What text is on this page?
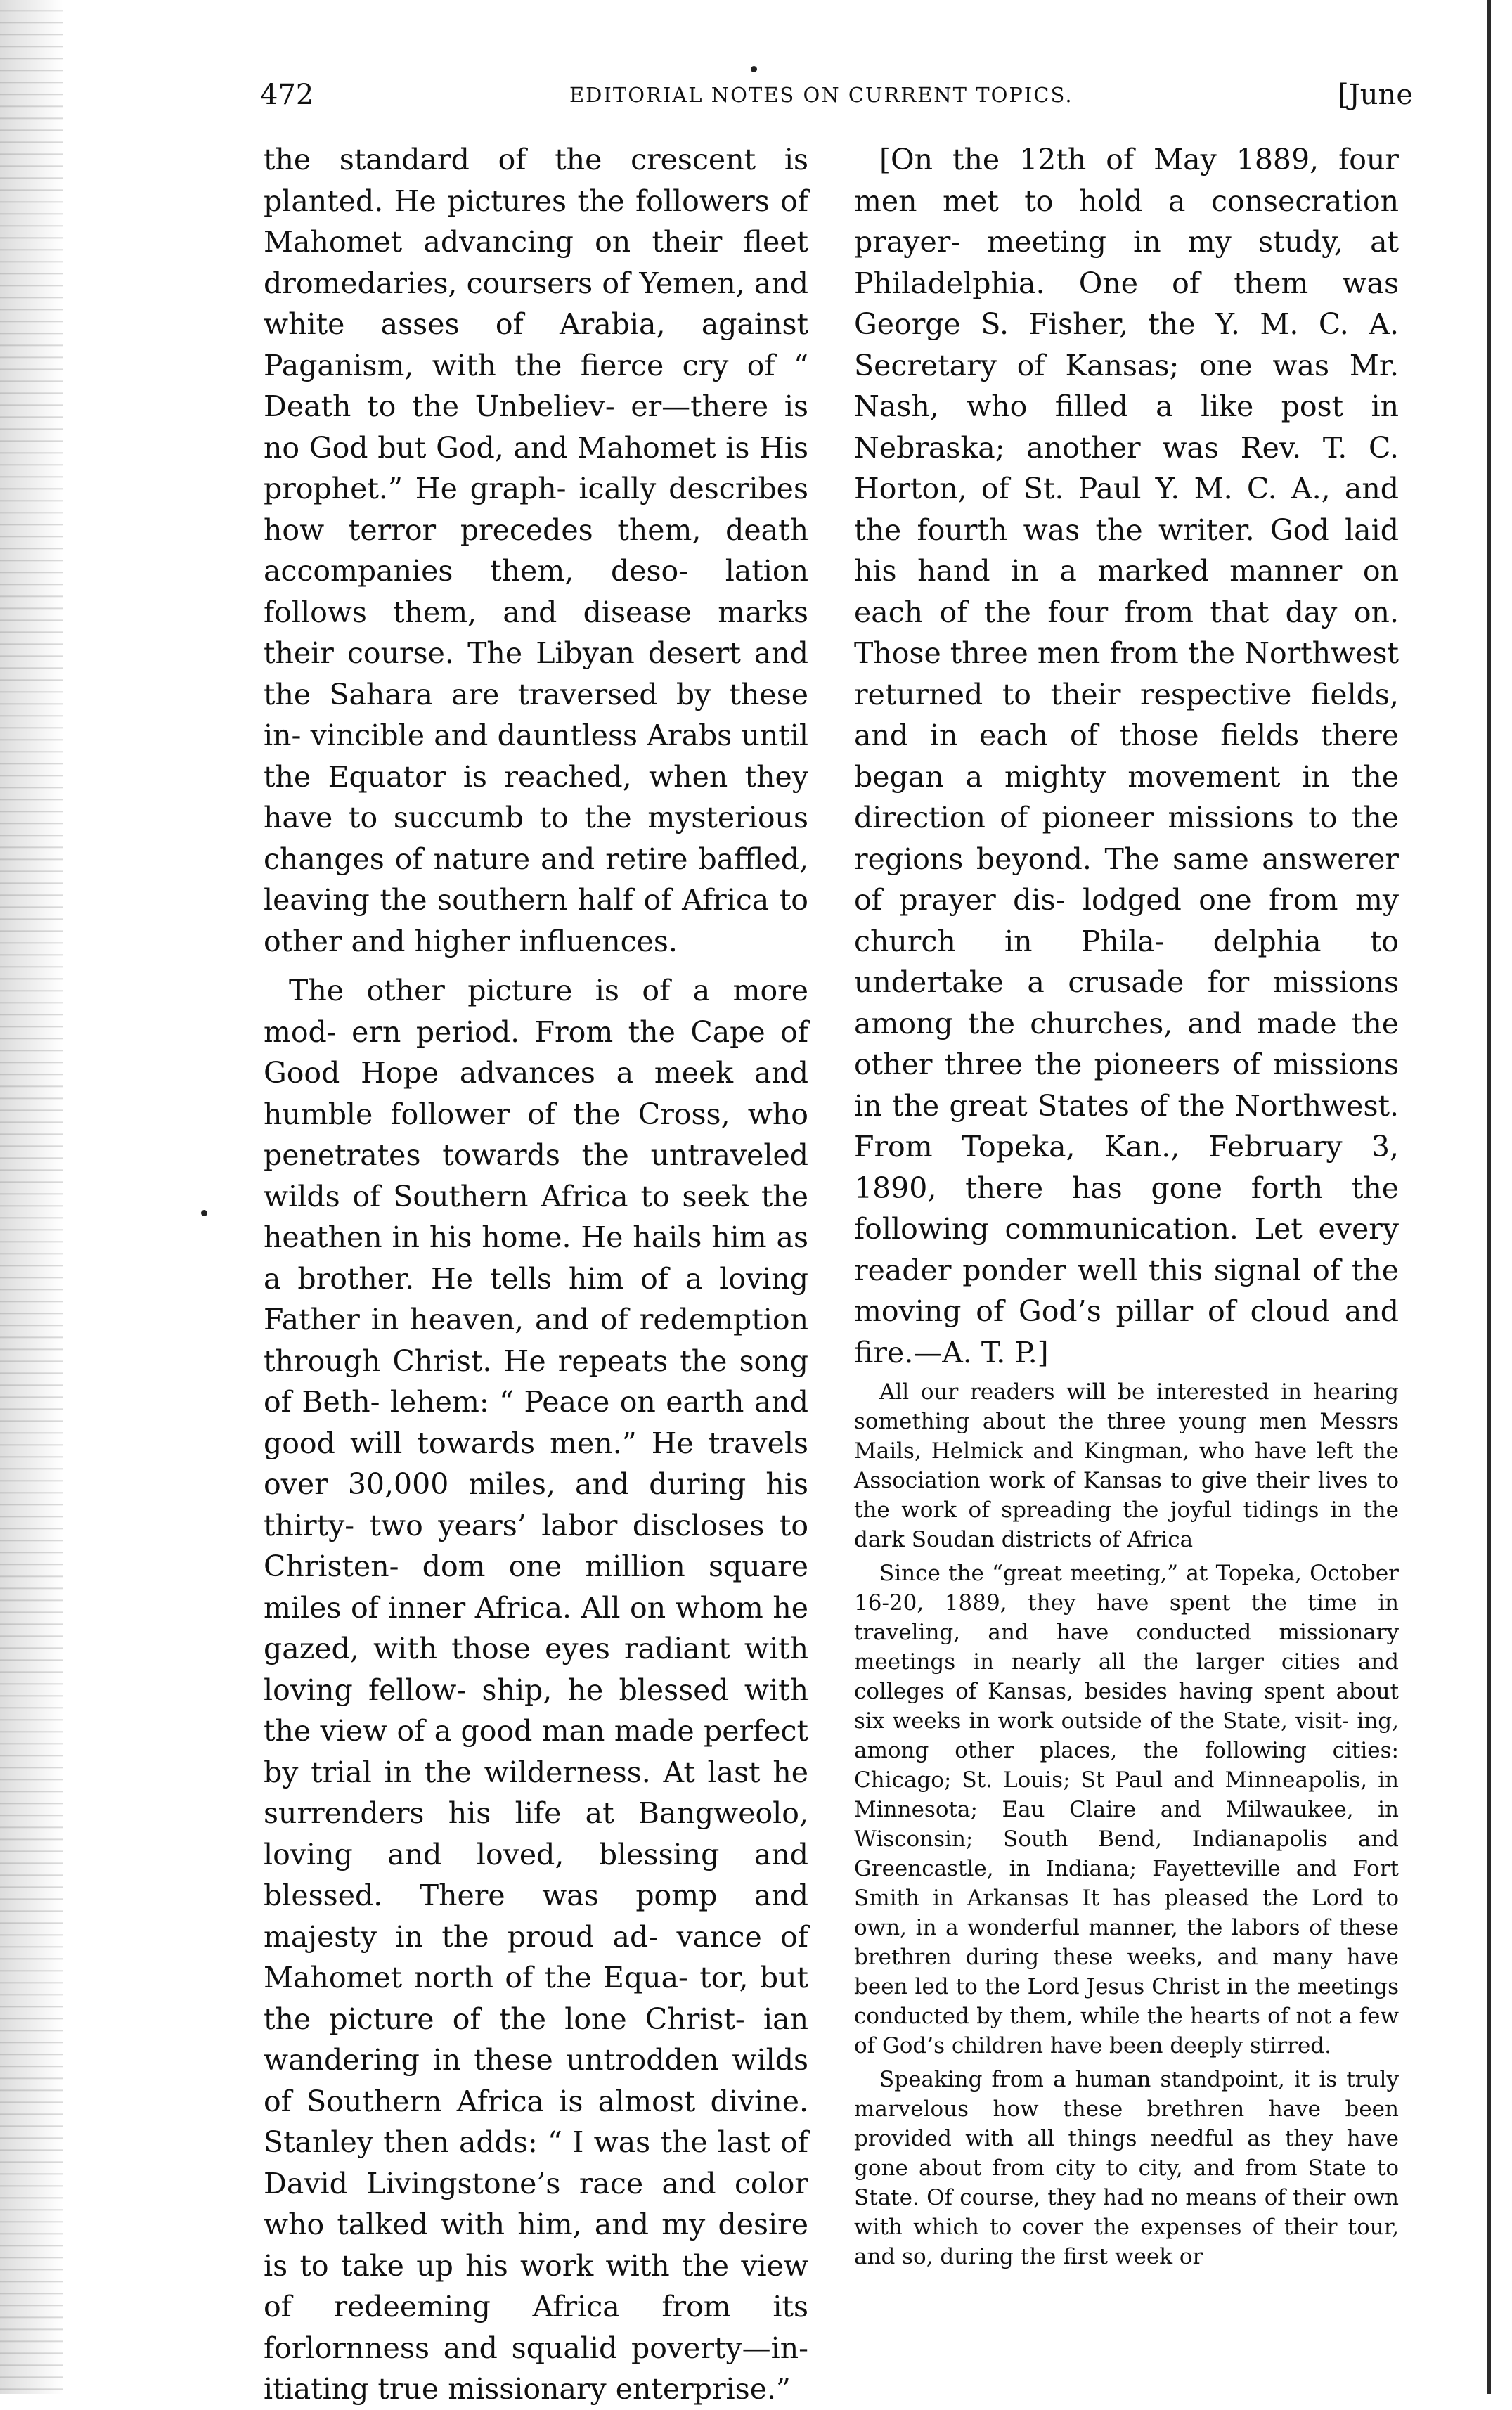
472	EDITORIAL NOTES ON CURRENT TOPICS.	[June

the standard of the crescent is planted. He pictures the followers of Mahomet advancing on their fleet dromedaries, coursers of Yemen, and white asses of Arabia, against Paganism, with the fierce cry of “ Death to the Unbeliev- er—there is no God but God, and Mahomet is His prophet.” He graph- ically describes how terror precedes them, death accompanies them, deso- lation follows them, and disease marks their course. The Libyan desert and the Sahara are traversed by these in- vincible and dauntless Arabs until the Equator is reached, when they have to succumb to the mysterious changes of nature and retire baffled, leaving the southern half of Africa to other and higher influences.

The other picture is of a more mod- ern period. From the Cape of Good Hope advances a meek and humble follower of the Cross, who penetrates towards the untraveled wilds of Southern Africa to seek the heathen in his home. He hails him as a brother. He tells him of a loving Father in heaven, and of redemption through Christ. He repeats the song of Beth- lehem: “ Peace on earth and good will towards men.” He travels over 30,000 miles, and during his thirty- two years’ labor discloses to Christen- dom one million square miles of inner Africa. All on whom he gazed, with those eyes radiant with loving fellow- ship, he blessed with the view of a good man made perfect by trial in the wilderness. At last he surrenders his life at Bangweolo, loving and loved, blessing and blessed. There was pomp and majesty in the proud ad- vance of Mahomet north of the Equa- tor, but the picture of the lone Christ- ian wandering in these untrodden wilds of Southern Africa is almost divine. Stanley then adds: “ I was the last of David Livingstone’s race and color who talked with him, and my desire is to take up his work with the view of redeeming Africa from its forlornness and squalid poverty—in- itiating true missionary enterprise.”

[On the 12th of May 1889, four men met to hold a consecration prayer- meeting in my study, at Philadelphia. One of them was George S. Fisher, the Y. M. C. A. Secretary of Kansas; one was Mr. Nash, who filled a like post in Nebraska; another was Rev. T. C. Horton, of St. Paul Y. M. C. A., and the fourth was the writer. God laid his hand in a marked manner on each of the four from that day on. Those three men from the Northwest returned to their respective fields, and in each of those fields there began a mighty movement in the direction of pioneer missions to the regions beyond. The same answerer of prayer dis- lodged one from my church in Phila- delphia to undertake a crusade for missions among the churches, and made the other three the pioneers of missions in the great States of the Northwest. From Topeka, Kan., February 3, 1890, there has gone forth the following communication. Let every reader ponder well this signal of the moving of God’s pillar of cloud and fire.—A. T. P.]

All our readers will be interested in hearing something about the three young men Messrs Mails, Helmick and Kingman, who have left the Association work of Kansas to give their lives to the work of spreading the joyful tidings in the dark Soudan districts of Africa

Since the “great meeting,” at Topeka, October 16-20, 1889, they have spent the time in traveling, and have conducted missionary meetings in nearly all the larger cities and colleges of Kansas, besides having spent about six weeks in work outside of the State, visit- ing, among other places, the following cities: Chicago; St. Louis; St Paul and Minneapolis, in Minnesota; Eau Claire and Milwaukee, in Wisconsin; South Bend, Indianapolis and Greencastle, in Indiana; Fayetteville and Fort Smith in Arkansas It has pleased the Lord to own, in a wonderful manner, the labors of these brethren during these weeks, and many have been led to the Lord Jesus Christ in the meetings conducted by them, while the hearts of not a few of God’s children have been deeply stirred.

Speaking from a human standpoint, it is truly marvelous how these brethren have been provided with all things needful as they have gone about from city to city, and from State to State. Of course, they had no means of their own with which to cover the expenses of their tour, and so, during the first week or
